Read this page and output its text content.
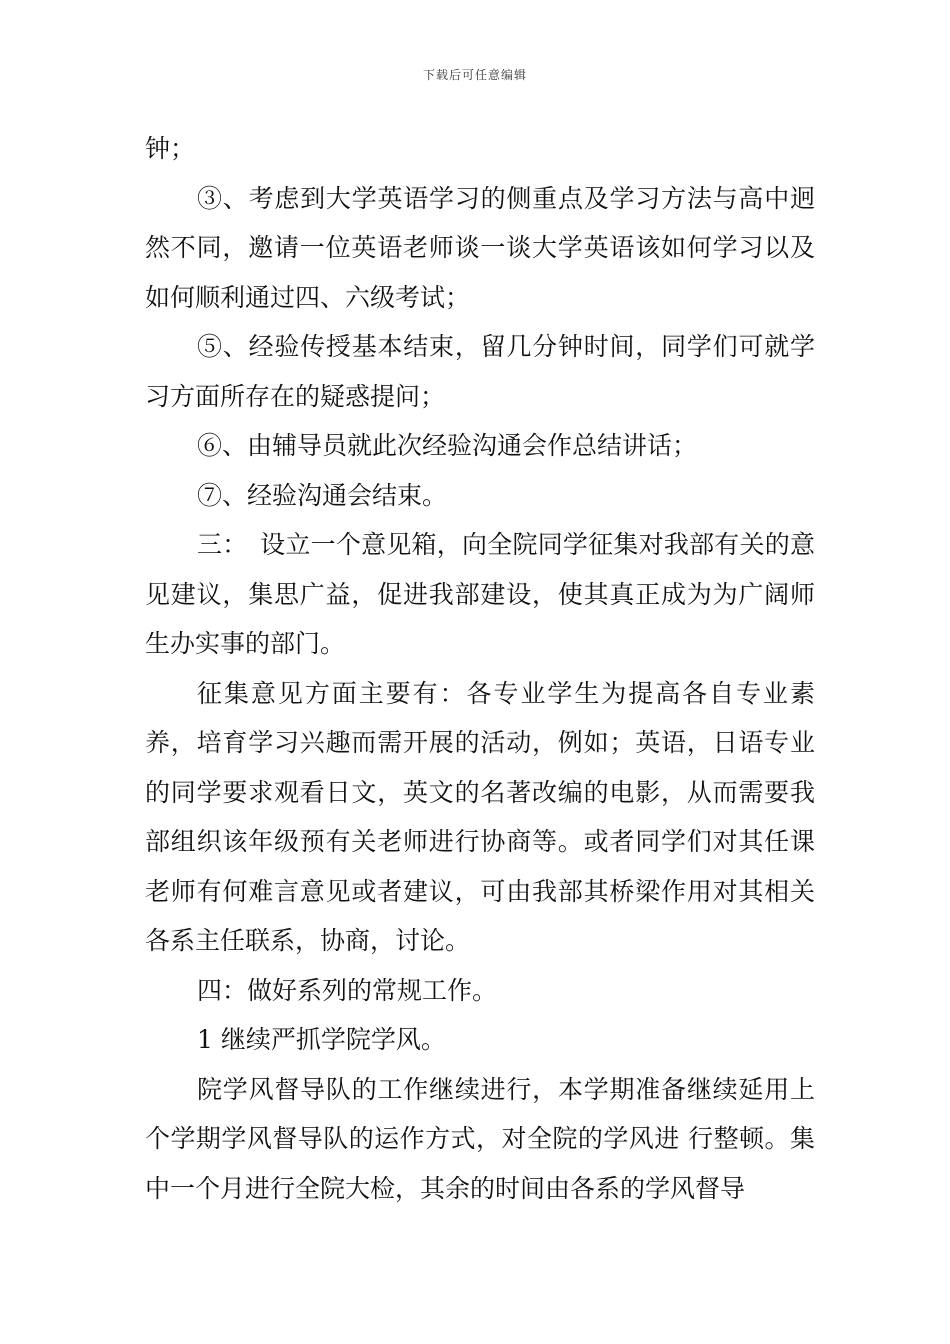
下载后可任意编辑

钟；

③、考虑到大学英语学习的侧重点及学习方法与高中迥然不同，邀请一位英语老师谈一谈大学英语该如何学习以及如何顺利通过四、六级考试；

⑤、经验传授基本结束，留几分钟时间，同学们可就学习方面所存在的疑惑提问；

⑥、由辅导员就此次经验沟通会作总结讲话；

⑦、经验沟通会结束。

三：　设立一个意见箱，向全院同学征集对我部有关的意见建议，集思广益，促进我部建设，使其真正成为为广阔师生办实事的部门。

征集意见方面主要有：各专业学生为提高各自专业素养，培育学习兴趣而需开展的活动，例如；英语，日语专业的同学要求观看日文，英文的名著改编的电影，从而需要我部组织该年级预有关老师进行协商等。或者同学们对其任课老师有何难言意见或者建议，可由我部其桥梁作用对其相关各系主任联系，协商，讨论。

四：做好系列的常规工作。

1 继续严抓学院学风。

院学风督导队的工作继续进行，本学期准备继续延用上个学期学风督导队的运作方式，对全院的学风进 行整顿。集中一个月进行全院大检，其余的时间由各系的学风督导
